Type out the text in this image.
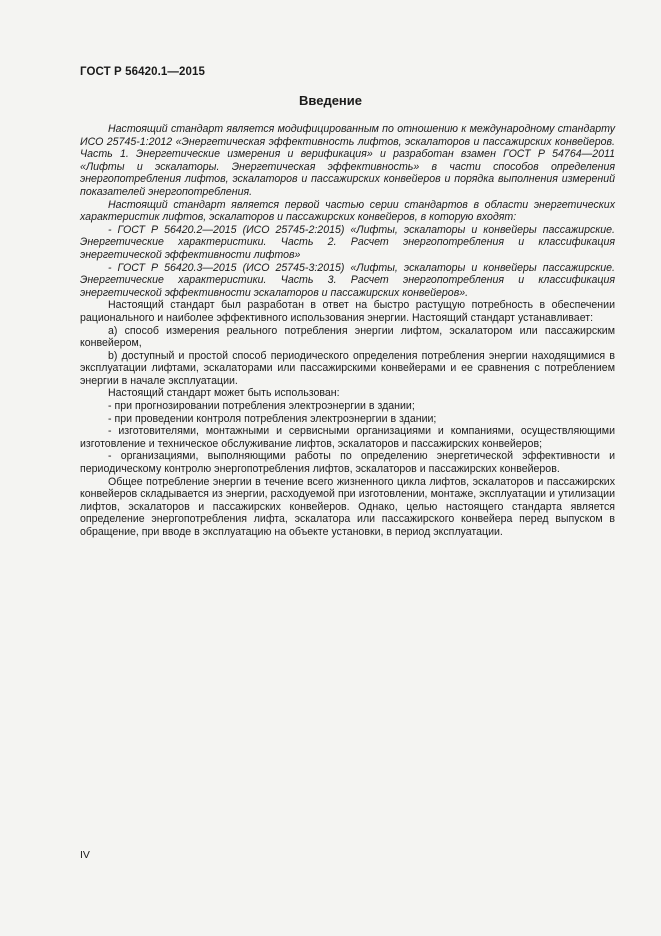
ГОСТ Р 56420.1—2015
Введение

Настоящий стандарт является модифицированным по отношению к международному стандарту ИСО 25745-1:2012 «Энергетическая эффективность лифтов, эскалаторов и пассажирских конвейеров. Часть 1. Энергетические измерения и верификация» и разработан взамен ГОСТ Р 54764—2011 «Лифты и эскалаторы. Энергетическая эффективность» в части способов определения энергопотребления лифтов, эскалаторов и пассажирских конвейеров и порядка выполнения измерений показателей энергопотребления.

Настоящий стандарт является первой частью серии стандартов в области энергетических характеристик лифтов, эскалаторов и пассажирских конвейеров, в которую входят:

- ГОСТ Р 56420.2—2015 (ИСО 25745-2:2015) «Лифты, эскалаторы и конвейеры пассажирские. Энергетические характеристики. Часть 2. Расчет энергопотребления и классификация энергетической эффективности лифтов»

- ГОСТ Р 56420.3—2015 (ИСО 25745-3:2015) «Лифты, эскалаторы и конвейеры пассажирские. Энергетические характеристики. Часть 3. Расчет энергопотребления и классификация энергетической эффективности эскалаторов и пассажирских конвейеров».

Настоящий стандарт был разработан в ответ на быстро растущую потребность в обеспечении рационального и наиболее эффективного использования энергии. Настоящий стандарт устанавливает:

а) способ измерения реального потребления энергии лифтом, эскалатором или пассажирским конвейером,

b) доступный и простой способ периодического определения потребления энергии находящимися в эксплуатации лифтами, эскалаторами или пассажирскими конвейерами и ее сравнения с потреблением энергии в начале эксплуатации.

Настоящий стандарт может быть использован:

- при прогнозировании потребления электроэнергии в здании;

- при проведении контроля потребления электроэнергии в здании;

- изготовителями, монтажными и сервисными организациями и компаниями, осуществляющими изготовление и техническое обслуживание лифтов, эскалаторов и пассажирских конвейеров;

- организациями, выполняющими работы по определению энергетической эффективности и периодическому контролю энергопотребления лифтов, эскалаторов и пассажирских конвейеров.

Общее потребление энергии в течение всего жизненного цикла лифтов, эскалаторов и пассажирских конвейеров складывается из энергии, расходуемой при изготовлении, монтаже, эксплуатации и утилизации лифтов, эскалаторов и пассажирских конвейеров. Однако, целью настоящего стандарта является определение энергопотребления лифта, эскалатора или пассажирского конвейера перед выпуском в обращение, при вводе в эксплуатацию на объекте установки, в период эксплуатации.

IV
